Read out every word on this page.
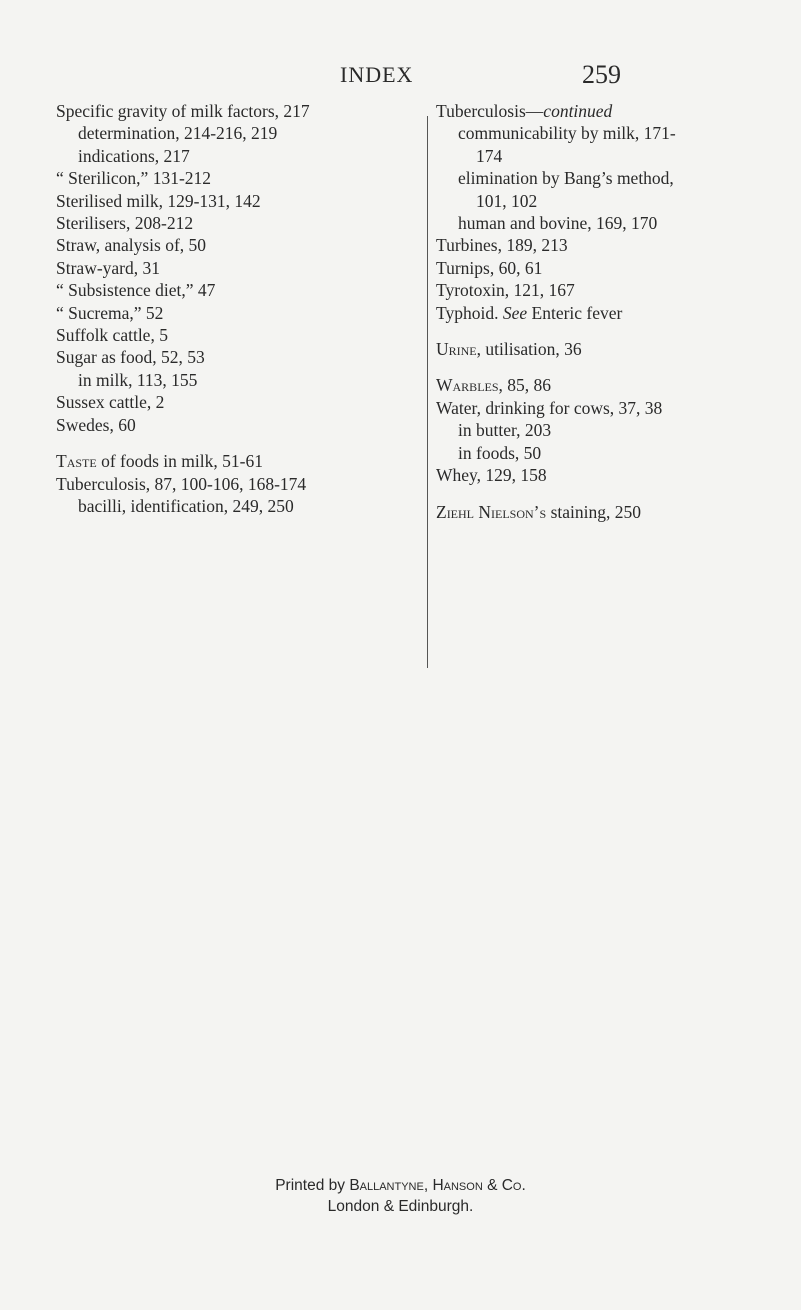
INDEX	259
Specific gravity of milk factors, 217
determination, 214-216, 219
indications, 217
“ Sterilicon,” 131-212
Sterilised milk, 129-131, 142
Sterilisers, 208-212
Straw, analysis of, 50
Straw-yard, 31
“ Subsistence diet,” 47
“ Sucrema,” 52
Suffolk cattle, 5
Sugar as food, 52, 53
in milk, 113, 155
Sussex cattle, 2
Swedes, 60
Taste of foods in milk, 51-61
Tuberculosis, 87, 100-106, 168-174
bacilli, identification, 249, 250
Tuberculosis—continued
communicability by milk, 171-
174
elimination by Bang’s method,
101, 102
human and bovine, 169, 170
Turbines, 189, 213
Turnips, 60, 61
Tyrotoxin, 121, 167
Typhoid. See Enteric fever
Urine, utilisation, 36
Warbles, 85, 86
Water, drinking for cows, 37, 38
in butter, 203
in foods, 50
Whey, 129, 158
Ziehl Nielson’s staining, 250
Printed by Ballantyne, Hanson & Co.
London & Edinburgh.
